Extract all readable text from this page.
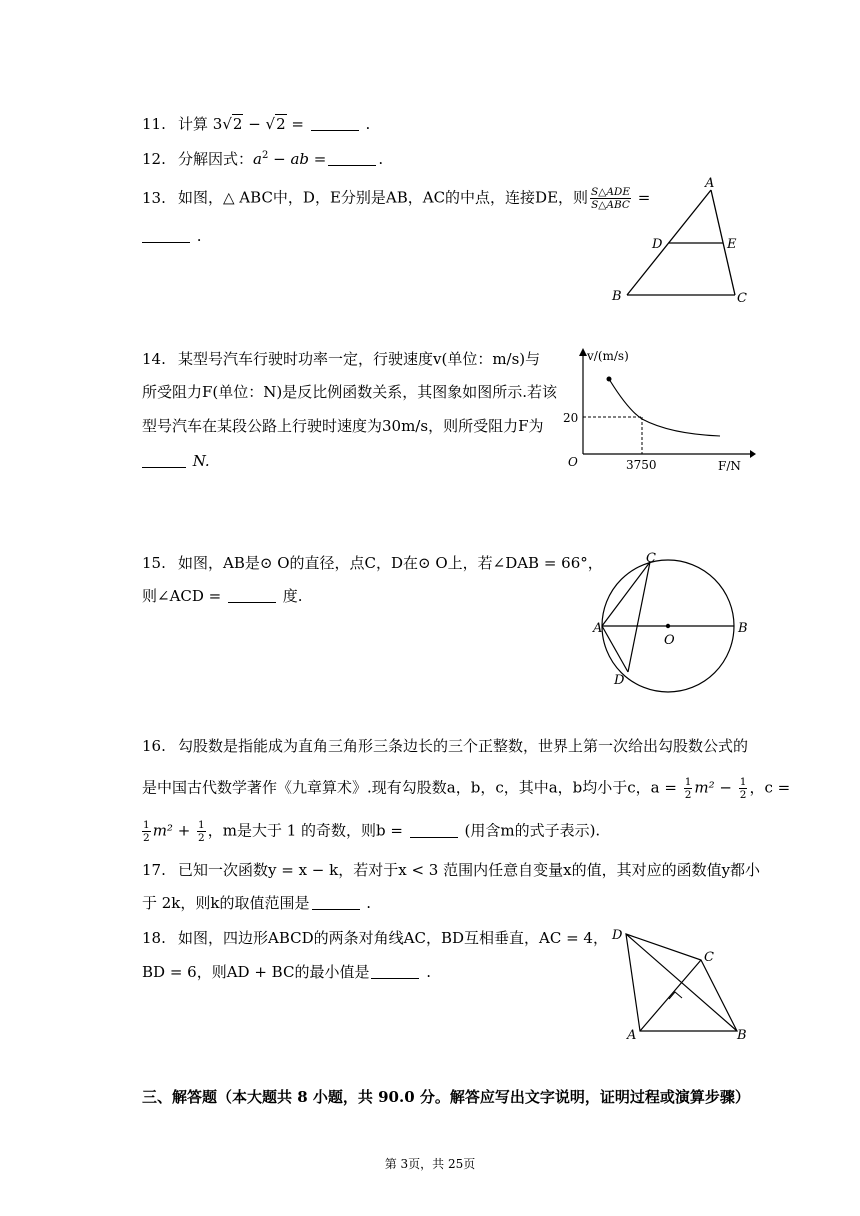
11. 计算 3√2 − √2 =	.
12. 分解因式：$a^2$ − ab =	.
13. 如图，△ ABC中，D，E分别是AB，AC的中点，连接DE，则 $\frac{\text{S△ADE}}{\text{S△ABC}}$ =
.
A
D	E
B	C
14. 某型号汽车行驶时功率一定，行驶速度v(单位：m/s)与
所受阻力F(单位：N)是反比例函数关系，其图象如图所示.若该
型号汽车在某段公路上行驶时速度为30m/s，则所受阻力F为
N.
v/(m/s)
F/N
O
20
3750
15. 如图，AB是⊙ O的直径，点C，D在⊙ O上，若∠DAB = 66°，
则∠ACD =	度.
C
A	B
O
D
16. 勾股数是指能成为直角三角形三条边长的三个正整数，世界上第一次给出勾股数公式的
是中国古代数学著作《九章算术》.现有勾股数a，b，c，其中a，b均小于c，$a = \frac{1}{2} m^2 - \frac{1}{2}$ ，c =
$\frac{1}{2} m^2 + \frac{1}{2}$ ，m是大于 1 的奇数，则b =	(用含m的式子表示).
17. 已知一次函数y = x − k，若对于x < 3 范围内任意自变量x的值，其对应的函数值y都小
于 2k，则k的取值范围是	.
18. 如图，四边形ABCD的两条对角线AC，BD互相垂直，AC = 4，
BD = 6，则AD + BC的最小值是	.
D
C
A	B
三、解答题（本大题共 8 小题，共 90.0 分。解答应写出文字说明，证明过程或演算步骤）
第 3页，共 25页
